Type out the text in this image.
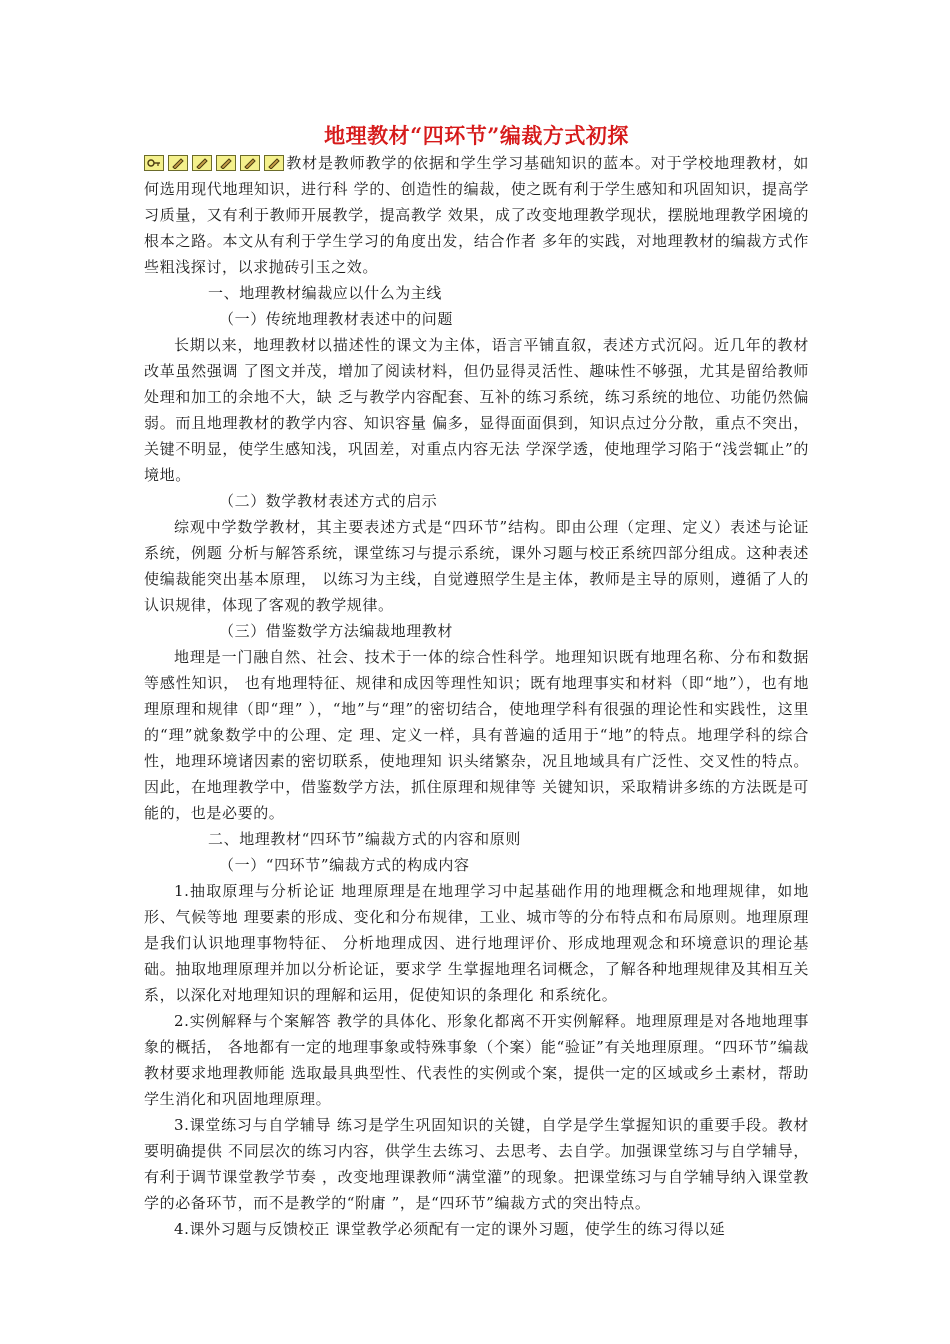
地理教材“四环节”编裁方式初探

教材是教师教学的依据和学生学习基础知识的蓝本。对于学校地理教材，如何选用现代地理知识，进行科 学的、创造性的编裁，使之既有利于学生感知和巩固知识，提高学习质量，又有利于教师开展教学，提高教学 效果，成了改变地理教学现状，摆脱地理教学困境的根本之路。本文从有利于学生学习的角度出发，结合作者 多年的实践，对地理教材的编裁方式作些粗浅探讨，以求抛砖引玉之效。

一、地理教材编裁应以什么为主线

（一）传统地理教材表述中的问题

长期以来，地理教材以描述性的课文为主体，语言平铺直叙，表述方式沉闷。近几年的教材改革虽然强调 了图文并茂，增加了阅读材料，但仍显得灵活性、趣味性不够强，尤其是留给教师处理和加工的余地不大，缺 乏与教学内容配套、互补的练习系统，练习系统的地位、功能仍然偏弱。而且地理教材的教学内容、知识容量 偏多，显得面面俱到，知识点过分分散，重点不突出，关键不明显，使学生感知浅，巩固差，对重点内容无法 学深学透，使地理学习陷于“浅尝辄止”的境地。

（二）数学教材表述方式的启示

综观中学数学教材，其主要表述方式是“四环节”结构。即由公理（定理、定义）表述与论证系统，例题 分析与解答系统，课堂练习与提示系统，课外习题与校正系统四部分组成。这种表述使编裁能突出基本原理， 以练习为主线，自觉遵照学生是主体，教师是主导的原则，遵循了人的认识规律，体现了客观的教学规律。

（三）借鉴数学方法编裁地理教材

地理是一门融自然、社会、技术于一体的综合性科学。地理知识既有地理名称、分布和数据等感性知识， 也有地理特征、规律和成因等理性知识；既有地理事实和材料（即“地”），也有地理原理和规律（即“理” ），“地”与“理”的密切结合，使地理学科有很强的理论性和实践性，这里的“理”就象数学中的公理、定 理、定义一样，具有普遍的适用于“地”的特点。地理学科的综合性，地理环境诸因素的密切联系，使地理知 识头绪繁杂，况且地域具有广泛性、交叉性的特点。因此，在地理教学中，借鉴数学方法，抓住原理和规律等 关键知识，采取精讲多练的方法既是可能的，也是必要的。

二、地理教材“四环节”编裁方式的内容和原则

（一）“四环节”编裁方式的构成内容

1.抽取原理与分析论证 地理原理是在地理学习中起基础作用的地理概念和地理规律，如地形、气候等地 理要素的形成、变化和分布规律，工业、城市等的分布特点和布局原则。地理原理是我们认识地理事物特征、 分析地理成因、进行地理评价、形成地理观念和环境意识的理论基础。抽取地理原理并加以分析论证，要求学 生掌握地理名词概念，了解各种地理规律及其相互关系，以深化对地理知识的理解和运用，促使知识的条理化 和系统化。

2.实例解释与个案解答 教学的具体化、形象化都离不开实例解释。地理原理是对各地地理事象的概括， 各地都有一定的地理事象或特殊事象（个案）能“验证”有关地理原理。“四环节”编裁教材要求地理教师能 选取最具典型性、代表性的实例或个案，提供一定的区域或乡土素材，帮助学生消化和巩固地理原理。

3.课堂练习与自学辅导 练习是学生巩固知识的关键，自学是学生掌握知识的重要手段。教材要明确提供 不同层次的练习内容，供学生去练习、去思考、去自学。加强课堂练习与自学辅导，有利于调节课堂教学节奏 ，改变地理课教师“满堂灌”的现象。把课堂练习与自学辅导纳入课堂教学的必备环节，而不是教学的“附庸 ”，是“四环节”编裁方式的突出特点。

4.课外习题与反馈校正 课堂教学必须配有一定的课外习题，使学生的练习得以延
